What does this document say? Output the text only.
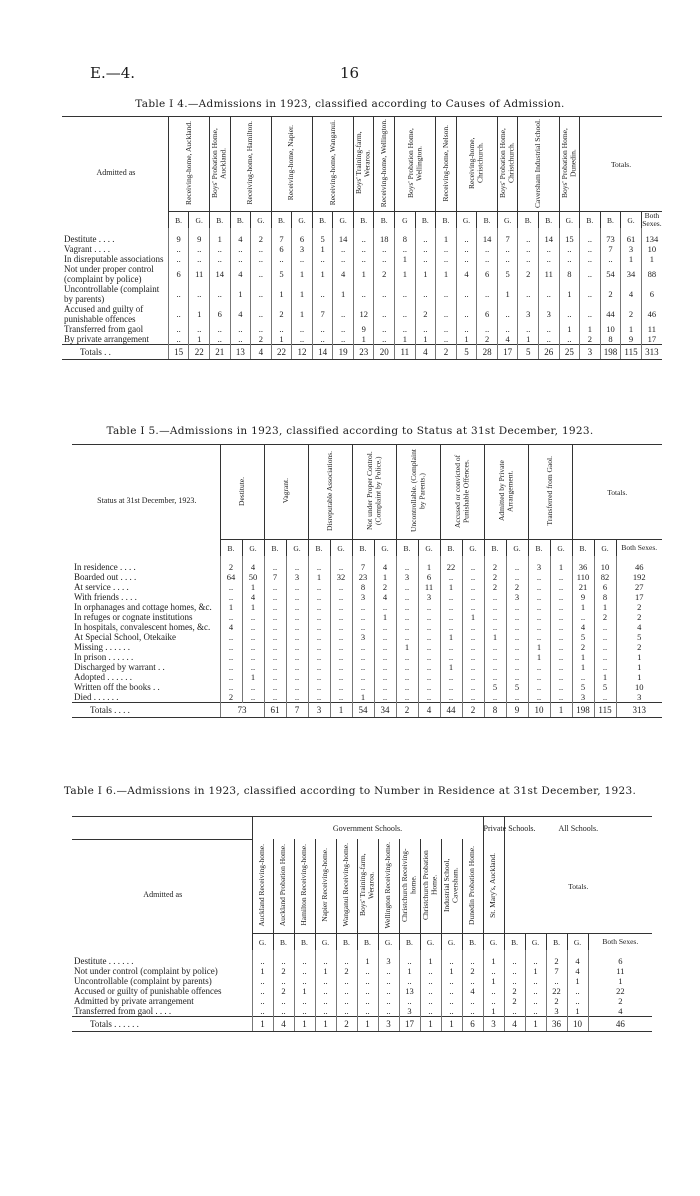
E.—4.	16
Table I 4.—Admissions in 1923, classified according to Causes of Admission.
Admitted as	Receiving-home, Auckland.		Boys' Probation Home, Auckland.	Receiving-home, Hamilton.		Receiving-home, Napier.		Receiving-home, Wanganui.		Boys' Training-farm, Weraroa.	Receiving-home, Wellington.	Boys' Probation Home, Wellington.		Receiving-home, Nelson.	Receiving-home, Christchurch.		Boys' Probation Home, Christchurch.	Caversham Industrial School.		Boys' Probation Home, Dunedin.	Totals.			
	B.	G.	B.	B.	G.	B.	G.	B.	G.	B.	B.	G	B.	B.	G.	B.	G.	B.	B.	G.	B.	B.	G.	Both Sexes.
Destitute . . . .	9	9	1	4	2	7	6	5	14	..	18	8	..	1	..	14	7	..	14	15	..	73	61	134
Vagrant . . . .	..	..	..	..	..	6	3	1	..	..	..	..	..	..	..	..	..	..	..	..	..	7	3	10
In disreputable associations	..	..	..	..	..	..	..	..	..	..	..	1	..	..	..	..	..	..	..	..	..	..	1	1
Not under proper control (complaint by police)	6	11	14	4	..	5	1	1	4	1	2	1	1	1	4	6	5	2	11	8	..	54	34	88
Uncontrollable (complaint by parents)	..	..	..	1	..	1	1	..	1	..	..	..	..	..	..	..	1	..	..	1	..	2	4	6
Accused and guilty of punishable offences	..	1	6	4	..	2	1	7	..	12	..	..	2	..	..	6	..	3	3	..	..	44	2	46
Transferred from gaol	..	..	..	..	..	..	..	..	..	9	..	..	..	..	..	..	..	..	..	1	1	10	1	11
By private arrangement	..	1	..	..	2	1	..	..	..	1	..	1	1	..	1	2	4	1	..	..	2	8	9	17
Totals . .	15	22	21	13	4	22	12	14	19	23	20	11	4	2	5	28	17	5	26	25	3	198	115	313
Table I 5.—Admissions in 1923, classified according to Status at 31st December, 1923.
Status at 31st December, 1923.	Destitute.		Vagrant.		Disreputable Associations.		Not under Proper Control. (Complaint by Police.)		Uncontrollable. (Complaint by Parents.)		Accused or convicted of Punishable Offences.		Admitted by Private Arrangement.		Transferred from Gaol.		Totals.		
	B.	G.	B.	G.	B.	G.	B.	G.	B.	G.	B.	G.	B.	G.	B.	G.	B.	G.	Both Sexes.
In residence . . . .	2	4	..	..	..	..	7	4	..	1	22	..	2	..	3	1	36	10	46
Boarded out . . . .	64	50	7	3	1	32	23	1	3	6	..	..	2	..	..	..	110	82	192
At service . . . .	..	1	..	..	..	..	8	2	..	11	1	..	2	2	..	..	21	6	27
With friends . . . .	..	4	..	..	..	..	3	4	..	3	..	..	..	3	..	..	9	8	17
In orphanages and cottage homes, &c.	1	1	..	..	..	..	..	..	..	..	..	..	..	..	..	..	1	1	2
In refuges or cognate institutions	..	..	..	..	..	..	..	1	..	..	..	1	..	..	..	..	..	2	2
In hospitals, convalescent homes, &c.	4	..	..	..	..	..	..	..	..	..	..	..	..	..	..	..	4	..	4
At Special School, Otekaike	..	..	..	..	..	..	3	..	..	..	1	..	1	..	..	..	5	..	5
Missing . . . . . .	..	..	..	..	..	..	..	..	1	..	..	..	..	..	1	..	2	..	2
In prison . . . . . .	..	..	..	..	..	..	..	..	..	..	..	..	..	..	1	..	1	..	1
Discharged by warrant . .	..	..	..	..	..	..	..	..	..	..	1	..	..	..	..	..	1	..	1
Adopted . . . . . .	..	1	..	..	..	..	..	..	..	..	..	..	..	..	..	..	..	1	1
Written off the books . .	..	..	..	..	..	..	..	..	..	..	..	..	5	5	..	..	5	5	10
Died . . . . . .	2	..	..	..	..	..	1	..	..	..	..	..	..	..	..	..	3	..	3
Totals . . . .	73		61	7	3	1	54	34	2	4	44	2	8	9	10	1	198	115	313
Table I 6.—Admissions in 1923, classified according to Number in Residence at 31st December, 1923.
	Government Schools.											Private Schools.	All Schools.				
Admitted as	Auckland Receiving-home.	Auckland Probation Home.	Hamilton Receiving-home.	Napier Receiving-home.	Wanganui Receiving-home.	Boys' Training-farm, Weraroa.	Wellington Receiving-home.	Christchurch Receiving-home.	Christchurch Probation Home.	Industrial School, Caversham.	Dunedin Probation Home.	St. Mary's, Auckland.	Totals.				
	G.	B.	B.	G.	B.	B.	G.	B.	G.	G.	B.	G.	B.	G.	B.	G.	Both Sexes.
Destitute . . . . . .	..	..	..	..	..	1	3	..	1	..	..	1	..	..	2	4	6
Not under control (complaint by police)	1	2	..	1	2	..	..	1	..	1	2	..	..	1	7	4	11
Uncontrollable (complaint by parents)	..	..	..	..	..	..	..	..	..	..	..	1	..	..	..	1	1
Accused or guilty of punishable offences	..	2	1	..	..	..	..	13	..	..	4	..	2	..	22	..	22
Admitted by private arrangement	..	..	..	..	..	..	..	..	..	..	..	..	2	..	2	..	2
Transferred from gaol . . . .	..	..	..	..	..	..	..	3	..	..	..	1	..	..	3	1	4
Totals . . . . . .	1	4	1	1	2	1	3	17	1	1	6	3	4	1	36	10	46
